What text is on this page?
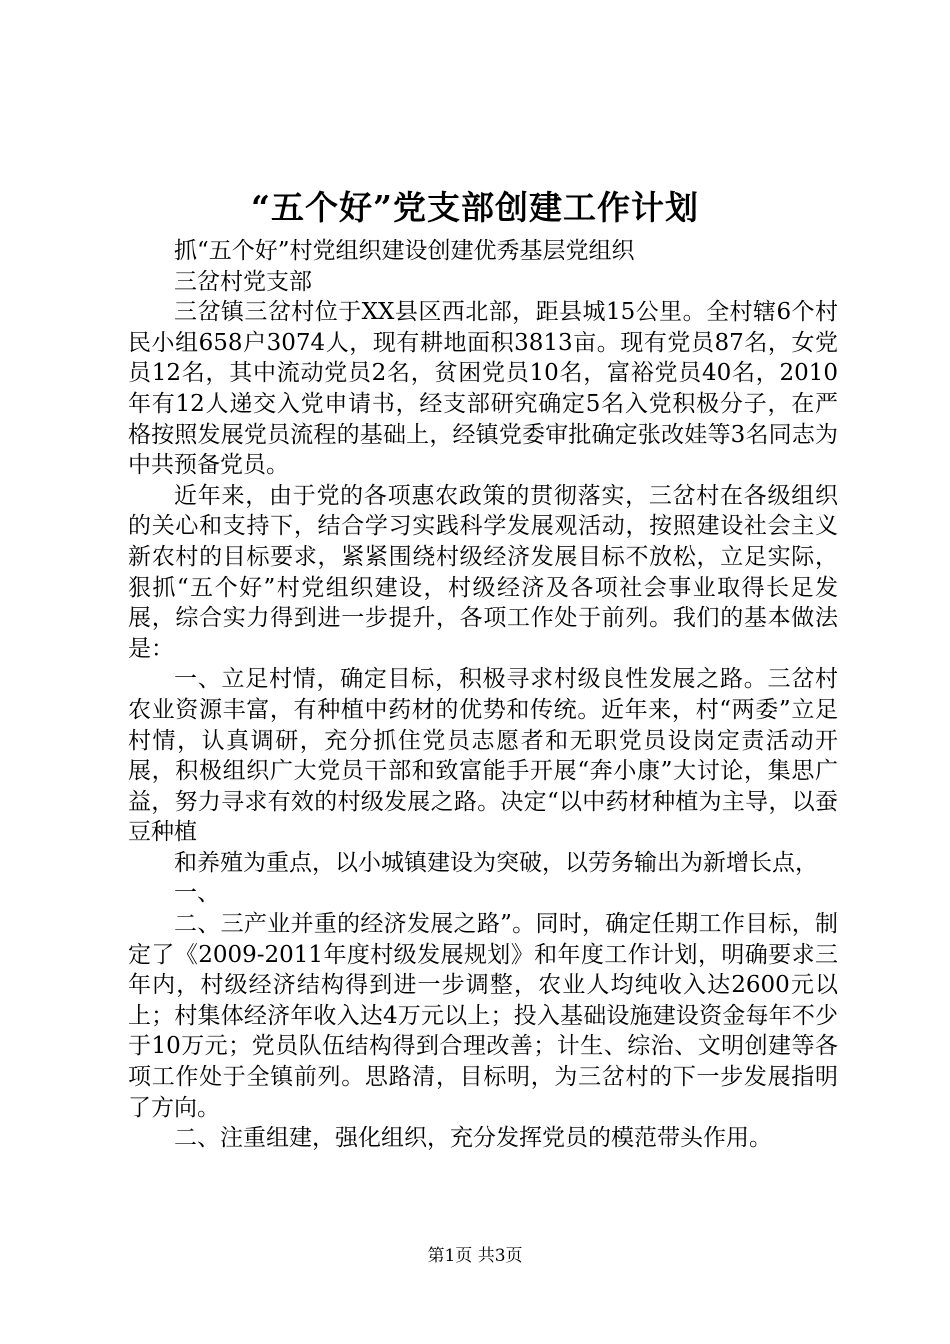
“五个好”党支部创建工作计划

抓“五个好”村党组织建设创建优秀基层党组织

三岔村党支部

三岔镇三岔村位于XX县区西北部，距县城15公里。全村辖6个村民小组658户3074人，现有耕地面积3813亩。现有党员87名，女党员12名，其中流动党员2名，贫困党员10名，富裕党员40名，2010年有12人递交入党申请书，经支部研究确定5名入党积极分子，在严格按照发展党员流程的基础上，经镇党委审批确定张改娃等3名同志为中共预备党员。

近年来，由于党的各项惠农政策的贯彻落实，三岔村在各级组织的关心和支持下，结合学习实践科学发展观活动，按照建设社会主义新农村的目标要求，紧紧围绕村级经济发展目标不放松，立足实际，狠抓“五个好”村党组织建设，村级经济及各项社会事业取得长足发展，综合实力得到进一步提升，各项工作处于前列。我们的基本做法是：

一、立足村情，确定目标，积极寻求村级良性发展之路。三岔村农业资源丰富，有种植中药材的优势和传统。近年来，村“两委”立足村情，认真调研，充分抓住党员志愿者和无职党员设岗定责活动开展，积极组织广大党员干部和致富能手开展“奔小康”大讨论，集思广益，努力寻求有效的村级发展之路。决定“以中药材种植为主导，以蚕豆种植

和养殖为重点，以小城镇建设为突破，以劳务输出为新增长点，

一、

二、三产业并重的经济发展之路”。同时，确定任期工作目标，制定了《2009-2011年度村级发展规划》和年度工作计划，明确要求三年内，村级经济结构得到进一步调整，农业人均纯收入达2600元以上；村集体经济年收入达4万元以上；投入基础设施建设资金每年不少于10万元；党员队伍结构得到合理改善；计生、综治、文明创建等各项工作处于全镇前列。思路清，目标明，为三岔村的下一步发展指明了方向。

二、注重组建，强化组织，充分发挥党员的模范带头作用。

第1页 共3页
